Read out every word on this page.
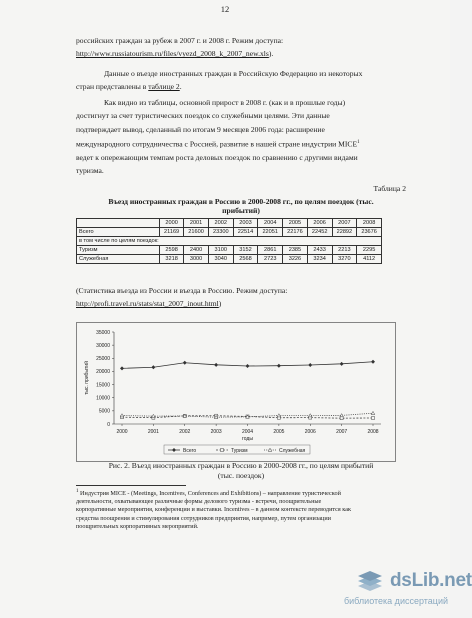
12
российских граждан за рубеж в 2007 г. и 2008 г. Режим доступа:
http://www.russiatourism.ru/files/vyezd_2008_k_2007_new.xls).
Данные о въезде иностранных граждан в Российскую Федерацию из некоторых
стран представлены в таблице 2.
Как видно из таблицы, основной прирост в 2008 г. (как и в прошлые годы)
достигнут за счет туристических поездок со служебными целями. Эти данные
подтверждает вывод, сделанный по итогам 9 месяцев 2006 года: расширение
международного сотрудничества с Россией, развитие в нашей стране индустрии MICE$^1$
ведет к опережающим темпам роста деловых поездок по сравнению с другими видами
туризма.
Таблица 2
Въезд иностранных граждан в Россию в 2000-2008 гг., по целям поездок (тыс.
прибытий)
	2000	2001	2002	2003	2004	2005	2006	2007	2008
Всего	21169	21600	23300	22514	22051	22176	22452	22892	23676
в том числе по целям поездок:									
Туризм	2598	2400	3100	3152	2861	2385	2433	2213	2295
Служебная	3218	3000	3040	2568	2723	3226	3234	3270	4112
(Статистика въезда из России и въезда в Россию. Режим доступа:
http://profi.travel.ru/stats/stat_2007_inout.html)
0
5000
10000
15000
20000
25000
30000
35000
2000	2001	2002	2003	2004	2005	2006	2007	2008
годы
тыс. прибытий
Всего	Туризм	Служебная
Рис. 2. Въезд иностранных граждан в Россию в 2000-2008 гг., по целям прибытий
(тыс. поездок)
$^1$ Индустрия MICE - (Meetings, Incentives, Conferences and Exhibitions) – направление туристической
деятельности, охватывающее различные формы делового туризма - встречи, поощрительные
корпоративные мероприятия, конференции и выставки. Incentives – в данном контексте переводится как
средства поощрения и стимулирования сотрудников предприятия, например, путем организации
поощрительных корпоративных мероприятий.
dsLib.net
библиотека диссертаций
